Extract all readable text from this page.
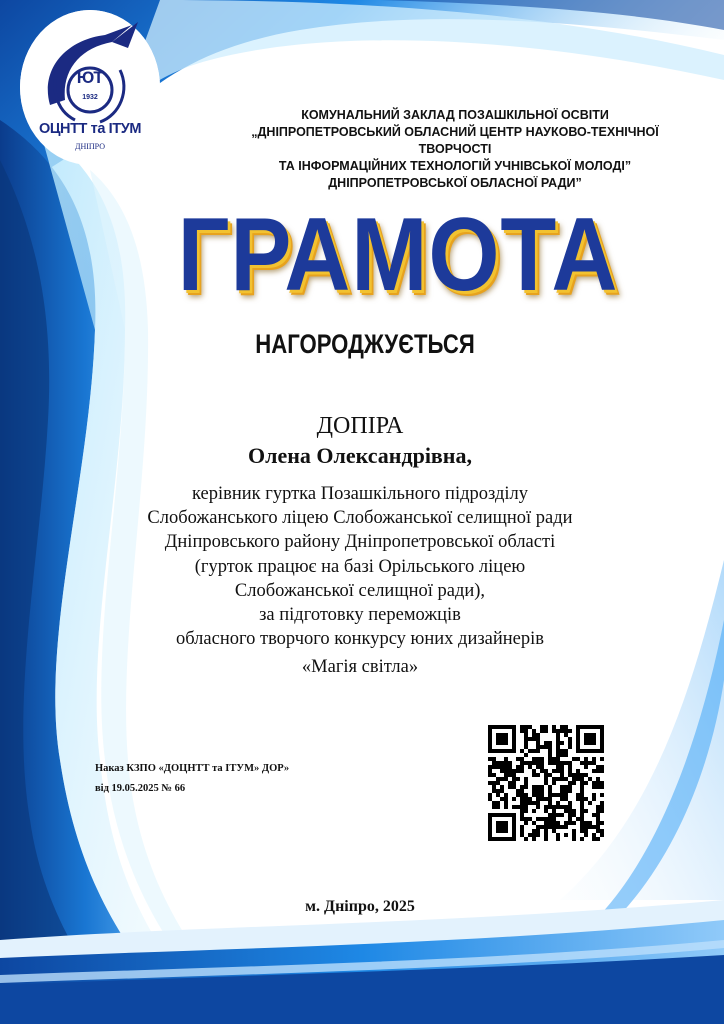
ЮТ
1932
ОЦНТТ та ІТУМ
ДНІПРО
КОМУНАЛЬНИЙ ЗАКЛАД ПОЗАШКІЛЬНОЇ ОСВІТИ
„ДНІПРОПЕТРОВСЬКИЙ ОБЛАСНИЙ ЦЕНТР НАУКОВО-ТЕХНІЧНОЇ ТВОРЧОСТІ
ТА ІНФОРМАЦІЙНИХ ТЕХНОЛОГІЙ УЧНІВСЬКОЇ МОЛОДІ”
ДНІПРОПЕТРОВСЬКОЇ ОБЛАСНОЇ РАДИ”
ГРАМОТА
НАГОРОДЖУЄТЬСЯ
ДОПІРА
Олена Олександрівна,
керівник гуртка Позашкільного підрозділу
Слобожанського ліцею Слобожанської селищної ради
Дніпровського району Дніпропетровської області
(гурток працює на базі Орільського ліцею
Слобожанської селищної ради),
за підготовку переможців
обласного творчого конкурсу юних дизайнерів
«Магія світла»
Наказ КЗПО «ДОЦНТТ та ІТУМ» ДОР»
від 19.05.2025 № 66
м. Дніпро, 2025
